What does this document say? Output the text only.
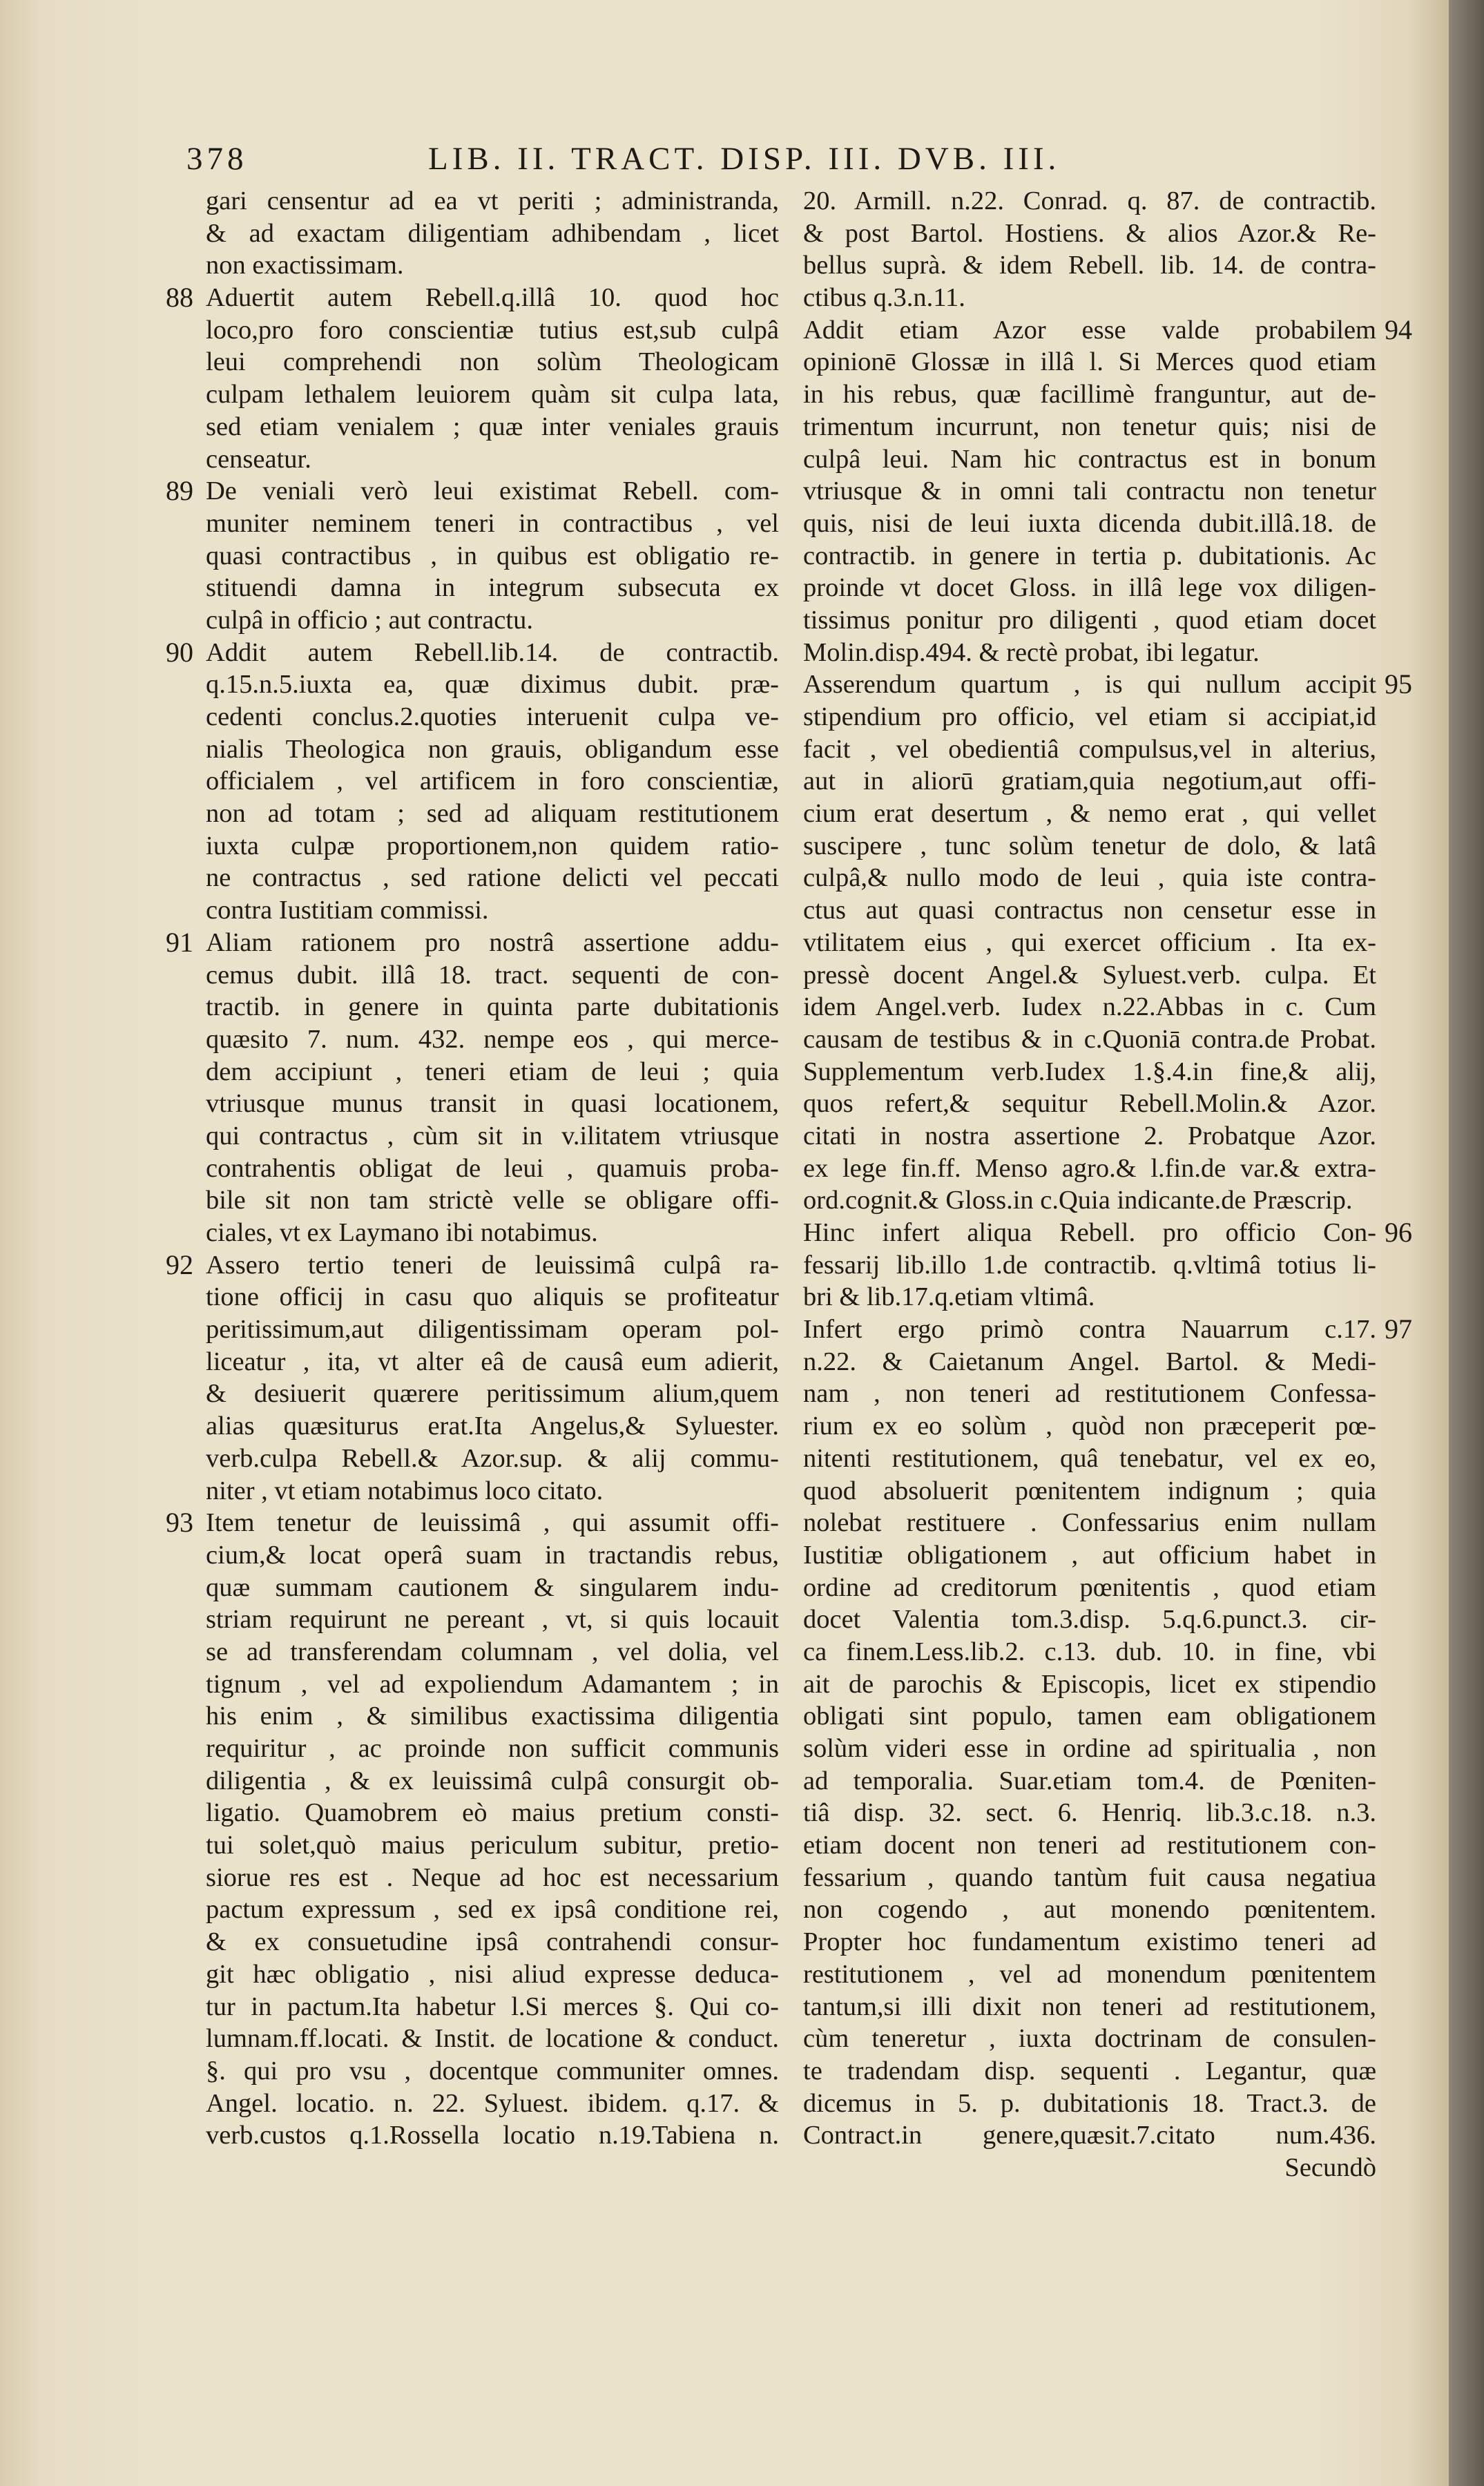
378	LIB. II. TRACT. DISP. III. DVB. III.
gari censentur ad ea vt periti ; administranda,
& ad exactam diligentiam adhibendam , licet
non exactissimam.
88 Aduertit autem Rebell.q.illâ 10. quod hoc
loco,pro foro conscientiæ tutius est,sub culpâ
leui comprehendi non solùm Theologicam
culpam lethalem leuiorem quàm sit culpa lata,
sed etiam venialem ; quæ inter veniales grauis
censeatur.
89 De veniali verò leui existimat Rebell. com-
muniter neminem teneri in contractibus , vel
quasi contractibus , in quibus est obligatio re-
stituendi damna in integrum subsecuta ex
culpâ in officio ; aut contractu.
90 Addit autem Rebell.lib.14. de contractib.
q.15.n.5.iuxta ea, quæ diximus dubit. præ-
cedenti conclus.2.quoties interuenit culpa ve-
nialis Theologica non grauis, obligandum esse
officialem , vel artificem in foro conscientiæ,
non ad totam ; sed ad aliquam restitutionem
iuxta culpæ proportionem,non quidem ratio-
ne contractus , sed ratione delicti vel peccati
contra Iustitiam commissi.
91 Aliam rationem pro nostrâ assertione addu-
cemus dubit. illâ 18. tract. sequenti de con-
tractib. in genere in quinta parte dubitationis
quæsito 7. num. 432. nempe eos , qui merce-
dem accipiunt , teneri etiam de leui ; quia
vtriusque munus transit in quasi locationem,
qui contractus , cùm sit in v.ilitatem vtriusque
contrahentis obligat de leui , quamuis proba-
bile sit non tam strictè velle se obligare offi-
ciales, vt ex Laymano ibi notabimus.
92 Assero tertio teneri de leuissimâ culpâ ra-
tione officij in casu quo aliquis se profiteatur
peritissimum,aut diligentissimam operam pol-
liceatur , ita, vt alter eâ de causâ eum adierit,
& desiuerit quærere peritissimum alium,quem
alias quæsiturus erat.Ita Angelus,& Syluester.
verb.culpa Rebell.& Azor.sup. & alij commu-
niter , vt etiam notabimus loco citato.
93 Item tenetur de leuissimâ , qui assumit offi-
cium,& locat operâ suam in tractandis rebus,
quæ summam cautionem & singularem indu-
striam requirunt ne pereant , vt, si quis locauit
se ad transferendam columnam , vel dolia, vel
tignum , vel ad expoliendum Adamantem ; in
his enim , & similibus exactissima diligentia
requiritur , ac proinde non sufficit communis
diligentia , & ex leuissimâ culpâ consurgit ob-
ligatio. Quamobrem eò maius pretium consti-
tui solet,quò maius periculum subitur, pretio-
siorue res est . Neque ad hoc est necessarium
pactum expressum , sed ex ipsâ conditione rei,
& ex consuetudine ipsâ contrahendi consur-
git hæc obligatio , nisi aliud expresse deduca-
tur in pactum.Ita habetur l.Si merces §. Qui co-
lumnam.ff.locati. & Instit. de locatione & conduct.
§. qui pro vsu , docentque communiter omnes.
Angel. locatio. n. 22. Syluest. ibidem. q.17. &
verb.custos q.1.Rossella locatio n.19.Tabiena n.
20. Armill. n.22. Conrad. q. 87. de contractib.
& post Bartol. Hostiens. & alios Azor.& Re-
bellus suprà. & idem Rebell. lib. 14. de contra-
ctibus q.3.n.11.
94
Addit etiam Azor esse valde probabilem
opinionē Glossæ in illâ l. Si Merces quod etiam
in his rebus, quæ facillimè franguntur, aut de-
trimentum incurrunt, non tenetur quis; nisi de
culpâ leui. Nam hic contractus est in bonum
vtriusque & in omni tali contractu non tenetur
quis, nisi de leui iuxta dicenda dubit.illâ.18. de
contractib. in genere in tertia p. dubitationis. Ac
proinde vt docet Gloss. in illâ lege vox diligen-
tissimus ponitur pro diligenti , quod etiam docet
Molin.disp.494. & rectè probat, ibi legatur.
95
Asserendum quartum , is qui nullum accipit
stipendium pro officio, vel etiam si accipiat,id
facit , vel obedientiâ compulsus,vel in alterius,
aut in aliorū gratiam,quia negotium,aut offi-
cium erat desertum , & nemo erat , qui vellet
suscipere , tunc solùm tenetur de dolo, & latâ
culpâ,& nullo modo de leui , quia iste contra-
ctus aut quasi contractus non censetur esse in
vtilitatem eius , qui exercet officium . Ita ex-
pressè docent Angel.& Syluest.verb. culpa. Et
idem Angel.verb. Iudex n.22.Abbas in c. Cum
causam de testibus & in c.Quoniā contra.de Probat.
Supplementum verb.Iudex 1.§.4.in fine,& alij,
quos refert,& sequitur Rebell.Molin.& Azor.
citati in nostra assertione 2. Probatque Azor.
ex lege fin.ff. Menso agro.& l.fin.de var.& extra-
ord.cognit.& Gloss.in c.Quia indicante.de Præscrip.
96
Hinc infert aliqua Rebell. pro officio Con-
fessarij lib.illo 1.de contractib. q.vltimâ totius li-
bri & lib.17.q.etiam vltimâ.
97
Infert ergo primò contra Nauarrum c.17.
n.22. & Caietanum Angel. Bartol. & Medi-
nam , non teneri ad restitutionem Confessa-
rium ex eo solùm , quòd non præceperit pœ-
nitenti restitutionem, quâ tenebatur, vel ex eo,
quod absoluerit pœnitentem indignum ; quia
nolebat restituere . Confessarius enim nullam
Iustitiæ obligationem , aut officium habet in
ordine ad creditorum pœnitentis , quod etiam
docet Valentia tom.3.disp. 5.q.6.punct.3. cir-
ca finem.Less.lib.2. c.13. dub. 10. in fine, vbi
ait de parochis & Episcopis, licet ex stipendio
obligati sint populo, tamen eam obligationem
solùm videri esse in ordine ad spiritualia , non
ad temporalia. Suar.etiam tom.4. de Pœniten-
tiâ disp. 32. sect. 6. Henriq. lib.3.c.18. n.3.
etiam docent non teneri ad restitutionem con-
fessarium , quando tantùm fuit causa negatiua
non cogendo , aut monendo pœnitentem.
Propter hoc fundamentum existimo teneri ad
restitutionem , vel ad monendum pœnitentem
tantum,si illi dixit non teneri ad restitutionem,
cùm teneretur , iuxta doctrinam de consulen-
te tradendam disp. sequenti . Legantur, quæ
dicemus in 5. p. dubitationis 18. Tract.3. de
Contract.in genere,quæsit.7.citato num.436.
Secundò
